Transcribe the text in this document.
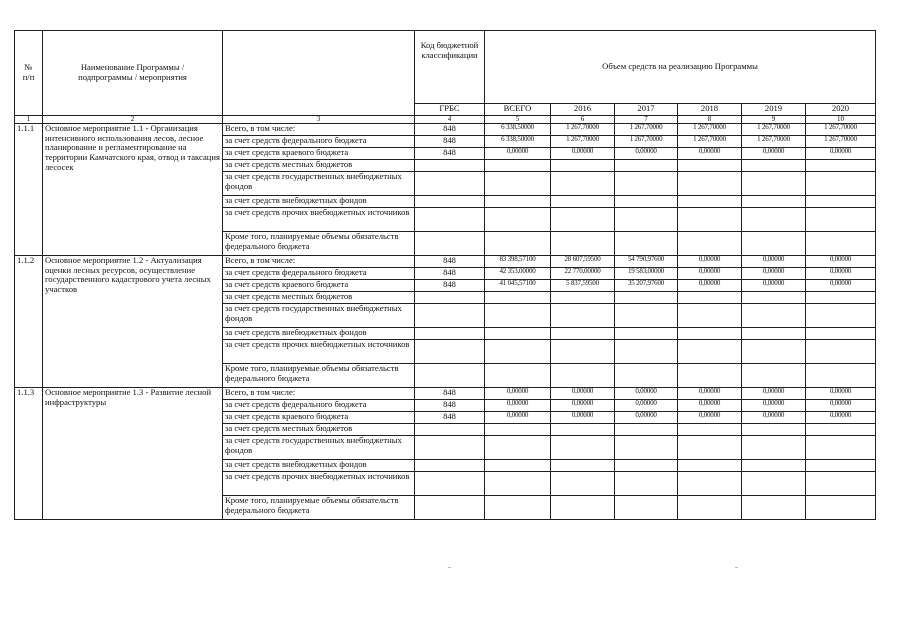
№
п/п	Наименование Программы /
подпрограммы / мероприятия		Код бюджетной
классификации	Объем средств на реализацию Программы					
			ГРБС	ВСЕГО	2016	2017	2018	2019	2020
1	2	3	4	5	6	7	8	9	10
1.1.1	Основное мероприятие 1.1 - Организация интенсивного использования лесов, лесное планирование и регламентирование на территории Камчатского края, отвод и таксация лесосек	Всего, в том числе:	848	6 338,50000	1 267,70000	1 267,70000	1 267,70000	1 267,70000	1 267,70000
		за счет средств федерального бюджета	848	6 338,50000	1 267,70000	1 267,70000	1 267,70000	1 267,70000	1 267,70000
		за счет средств краевого бюджета	848	0,00000	0,00000	0,00000	0,00000	0,00000	0,00000
		за счет средств местных бюджетов							
		за счет средств государственных внебюджетных фондов							
		за счет средств внебюджетных фондов							
		за счет средств прочих внебюджетных источников							
		Кроме того, планируемые объемы обязательств федерального бюджета							
1.1.2	Основное мероприятие 1.2 - Актуализация оценки лесных ресурсов, осуществление государственного кадастрового учета лесных участков	Всего, в том числе:	848	83 398,57100	28 607,59500	54 790,97600	0,00000	0,00000	0,00000
		за счет средств федерального бюджета	848	42 353,00000	22 770,00000	19 583,00000	0,00000	0,00000	0,00000
		за счет средств краевого бюджета	848	41 045,57100	5 837,59500	35 207,97600	0,00000	0,00000	0,00000
		за счет средств местных бюджетов							
		за счет средств государственных внебюджетных фондов							
		за счет средств внебюджетных фондов							
		за счет средств прочих внебюджетных источников							
		Кроме того, планируемые объемы обязательств федерального бюджета							
1.1.3	Основное мероприятие 1.3 - Развитие лесной инфраструктуры	Всего, в том числе:	848	0,00000	0,00000	0,00000	0,00000	0,00000	0,00000
		за счет средств федерального бюджета	848	0,00000	0,00000	0,00000	0,00000	0,00000	0,00000
		за счет средств краевого бюджета	848	0,00000	0,00000	0,00000	0,00000	0,00000	0,00000
		за счет средств местных бюджетов							
		за счет средств государственных внебюджетных фондов							
		за счет средств внебюджетных фондов							
		за счет средств прочих внебюджетных источников							
		Кроме того, планируемые объемы обязательств федерального бюджета							
